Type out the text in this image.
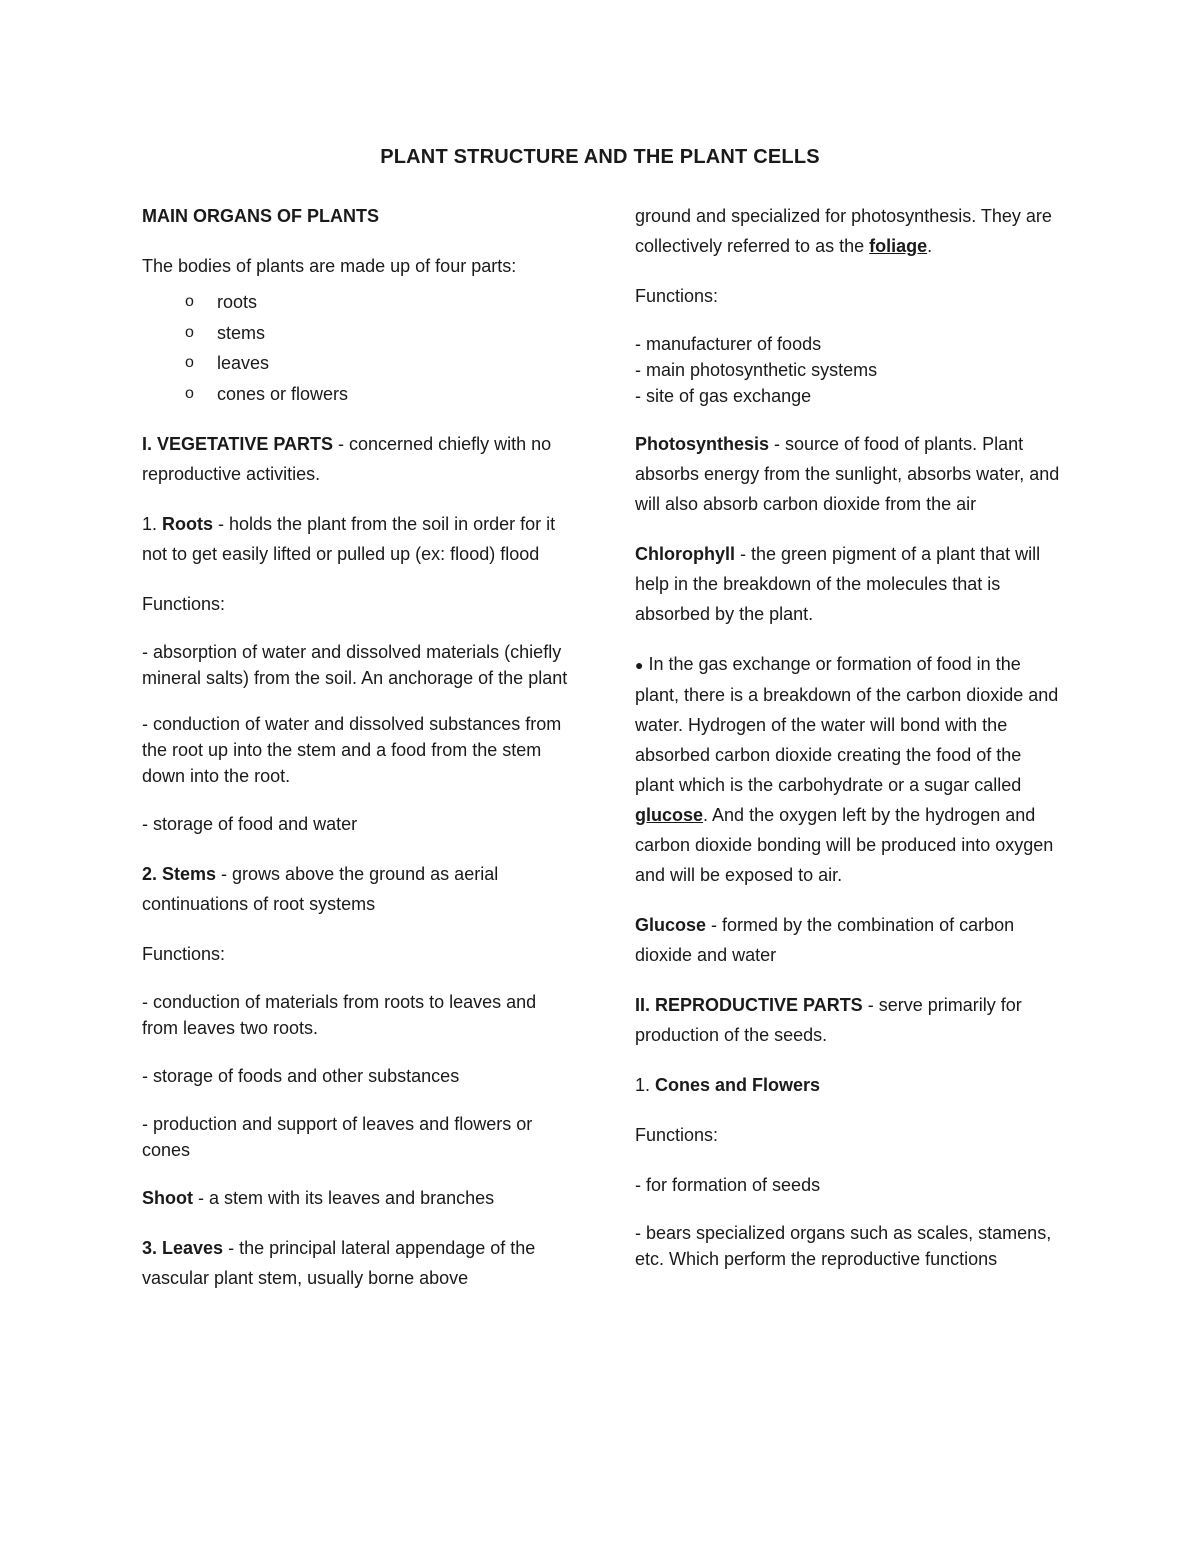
PLANT STRUCTURE AND THE PLANT CELLS

MAIN ORGANS OF PLANTS

The bodies of plants are made up of four parts:

o roots
o stems
o leaves
o cones or flowers

I. VEGETATIVE PARTS - concerned chiefly with no reproductive activities.

1. Roots - holds the plant from the soil in order for it not to get easily lifted or pulled up (ex: flood) flood

Functions:

- absorption of water and dissolved materials (chiefly mineral salts) from the soil. An anchorage of the plant

- conduction of water and dissolved substances from the root up into the stem and a food from the stem down into the root.

- storage of food and water

2. Stems - grows above the ground as aerial continuations of root systems

Functions:

- conduction of materials from roots to leaves and from leaves two roots.

- storage of foods and other substances

- production and support of leaves and flowers or cones

Shoot - a stem with its leaves and branches

3. Leaves - the principal lateral appendage of the vascular plant stem, usually borne above

ground and specialized for photosynthesis. They are collectively referred to as the foliage.

Functions:

- manufacturer of foods

- main photosynthetic systems

- site of gas exchange

Photosynthesis - source of food of plants. Plant absorbs energy from the sunlight, absorbs water, and will also absorb carbon dioxide from the air

Chlorophyll - the green pigment of a plant that will help in the breakdown of the molecules that is absorbed by the plant.

● In the gas exchange or formation of food in the plant, there is a breakdown of the carbon dioxide and water. Hydrogen of the water will bond with the absorbed carbon dioxide creating the food of the plant which is the carbohydrate or a sugar called glucose. And the oxygen left by the hydrogen and carbon dioxide bonding will be produced into oxygen and will be exposed to air.

Glucose - formed by the combination of carbon dioxide and water

II. REPRODUCTIVE PARTS - serve primarily for production of the seeds.

1. Cones and Flowers

Functions:

- for formation of seeds

- bears specialized organs such as scales, stamens, etc. Which perform the reproductive functions
